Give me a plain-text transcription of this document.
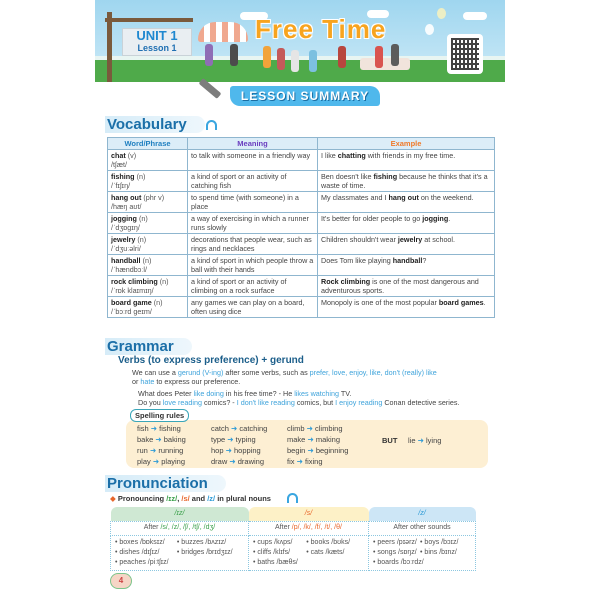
UNIT 1
Lesson 1
Free Time
LESSON SUMMARY
Vocabulary
Word/Phrase	Meaning	Example
chat (v)
/tʃæt/	to talk with someone in a friendly way	I like chatting with friends in my free time.
fishing (n)
/ˈfɪʃɪŋ/	a kind of sport or an activity of catching fish	Ben doesn't like fishing because he thinks that it's a waste of time.
hang out (phr v)
/hæŋ aʊt/	to spend time (with someone) in a place	My classmates and I hang out on the weekend.
jogging (n)
/ˈdʒɒɡɪŋ/	a way of exercising in which a runner runs slowly	It's better for older people to go jogging.
jewelry (n)
/ˈdʒuːəlri/	decorations that people wear, such as rings and necklaces	Children shouldn't wear jewelry at school.
handball (n)
/ˈhændbɔːl/	a kind of sport in which people throw a ball with their hands	Does Tom like playing handball?
rock climbing (n)
/ˈrɒk klaɪmɪŋ/	a kind of sport or an activity of climbing on a rock surface	Rock climbing is one of the most dangerous and adventurous sports.
board game (n)
/ˈbɔːrd ɡeɪm/	any games we can play on a board, often using dice	Monopoly is one of the most popular board games.
Grammar
Verbs (to express preference) + gerund
We can use a gerund (V-ing) after some verbs, such as prefer, love, enjoy, like, don't (really) like
or hate to express our preference.
What does Peter like doing in his free time? - He likes watching TV.
Do you love reading comics? - I don't like reading comics, but I enjoy reading Conan detective series.
Spelling rules
fish ➜ fishing
bake ➜ baking
run ➜ running
play ➜ playing
catch ➜ catching
type ➜ typing
hop ➜ hopping
draw ➜ drawing
climb ➜ climbing
make ➜ making
begin ➜ beginning
fix ➜ fixing
BUT lie ➜ lying
Pronunciation
◆ Pronouncing /ɪz/, /s/ and /z/ in plural nouns
/ɪz/	/s/	/z/
After /s/, /z/, /ʃ/, /tʃ/, /dʒ/	After /p/, /k/, /f/, /t/, /θ/	After other sounds
• boxes /bɒksɪz/ • buzzes /bʌzɪz/• dishes /dɪʃɪz/ • bridges /brɪdʒɪz/• peaches /piːtʃɪz/	• cups /kʌps/ • books /bʊks/• cliffs /klɪfs/ • cats /kæts/• baths /bæθs/	• peers /pɪərz/ • boys /bɔɪz/• songs /sɒŋz/ • bins /bɪnz/• boards /bɔːrdz/
4
